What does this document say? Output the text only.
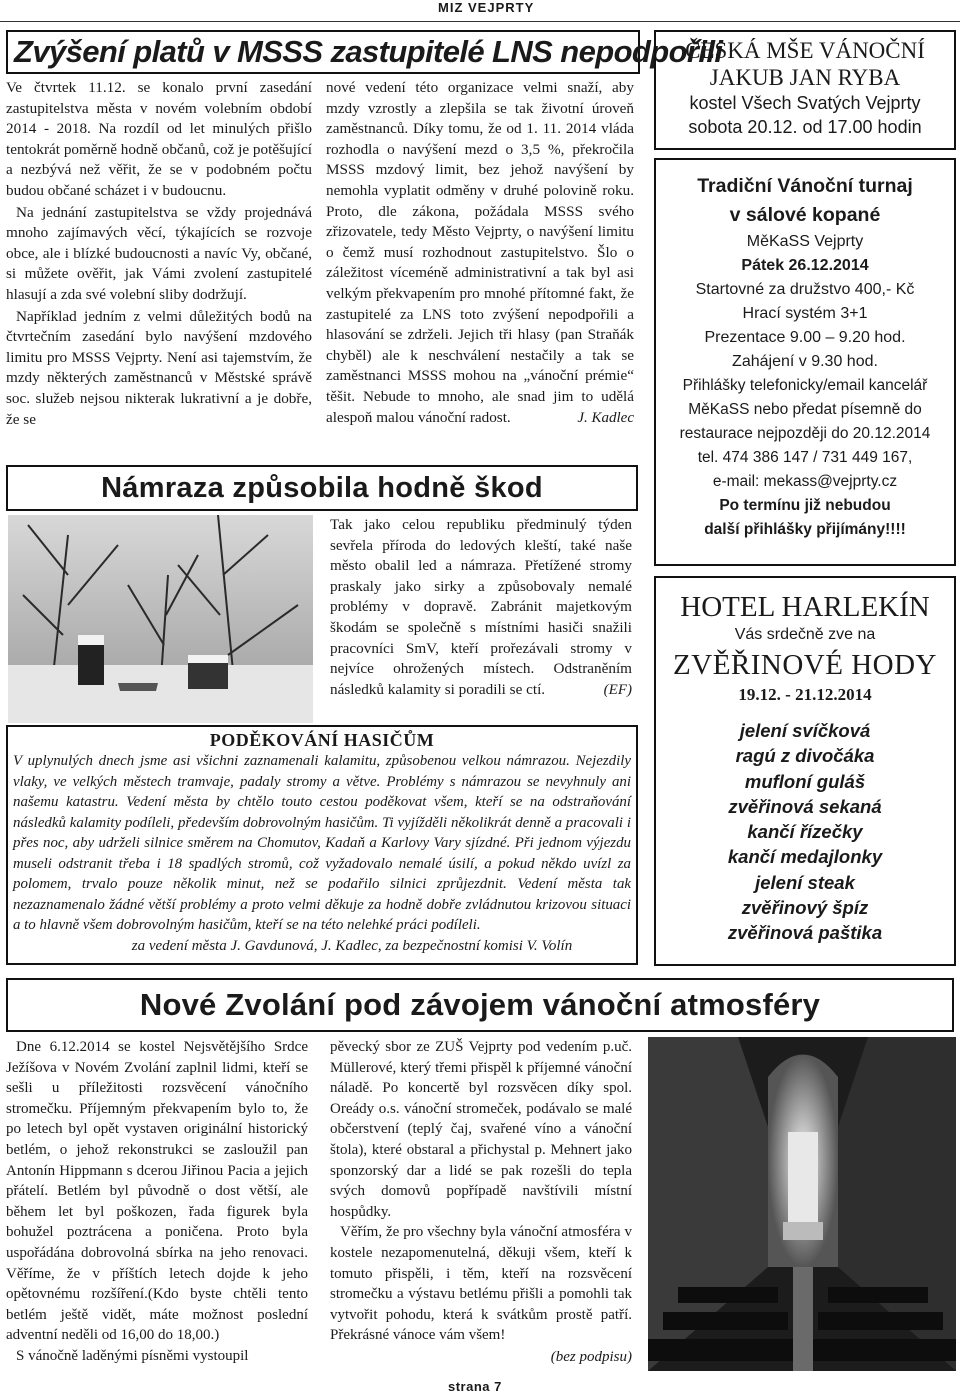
MIZ VEJPRTY
Zvýšení platů v MSSS zastupitelé LNS nepodpořili

Ve čtvrtek 11.12. se konalo první zasedání zastupitelstva města v novém volebním období 2014 - 2018. Na rozdíl od let minulých přišlo tentokrát poměrně hodně občanů, což je potěšující a nezbývá než věřit, že se v podobném počtu budou občané scházet i v budoucnu.

Na jednání zastupitelstva se vždy projednává mnoho zajímavých věcí, týkajících se rozvoje obce, ale i blízké budoucnosti a navíc Vy, občané, si můžete ověřit, jak Vámi zvolení zastupitelé hlasují a zda své volební sliby dodržují.

Například jedním z velmi důležitých bodů na čtvrtečním zasedání bylo navýšení mzdového limitu pro MSSS Vejprty. Není asi tajemstvím, že mzdy některých zaměstnanců v Městské správě soc. služeb nejsou nikterak lukrativní a je dobře, že se

nové vedení této organizace velmi snaží, aby mzdy vzrostly a zlepšila se tak životní úroveň zaměstnanců. Díky tomu, že od 1. 11. 2014 vláda rozhodla o navýšení mezd o 3,5 %, překročila MSSS mzdový limit, bez jehož navýšení by nemohla vyplatit odměny v druhé polovině roku. Proto, dle zákona, požádala MSSS svého zřizovatele, tedy Město Vejprty, o navýšení limitu o čemž musí rozhodnout zastupitelstvo. Šlo o záležitost víceméně administrativní a tak byl asi velkým překvapením pro mnohé přítomné fakt, že zastupitelé za LNS toto zvýšení nepodpořili a hlasování se zdrželi. Jejich tři hlasy (pan Straňák chyběl) ale k neschválení nestačily a tak se zaměstnanci MSSS mohou na „vánoční prémie“ těšit. Nebude to mnoho, ale snad jim to udělá alespoň malou vánoční radost.	J. Kadlec
Námraza způsobila hodně škod

Tak jako celou republiku předminulý týden sevřela příroda do ledových kleští, také naše město obalil led a námraza. Přetížené stromy praskaly jako sirky a způsobovaly nemalé problémy v dopravě. Zabránit majetkovým škodám se společně s místními hasiči snažili pracovníci SmV, kteří prořezávali stromy v nejvíce ohrožených místech. Odstraněním následků kalamity si poradili se ctí.	(EF)
PODĚKOVÁNÍ HASIČŮM

V uplynulých dnech jsme asi všichni zaznamenali kalamitu, způsobenou velkou námrazou. Nejezdily vlaky, ve velkých městech tramvaje, padaly stromy a větve. Problémy s námrazou se nevyhnuly ani našemu katastru. Vedení města by chtělo touto cestou poděkovat všem, kteří se na odstraňování následků kalamity podíleli, především dobrovolným hasičům. Ti vyjížděli několikrát denně a pracovali i přes noc, aby udrželi silnice směrem na Chomutov, Kadaň a Karlovy Vary sjízdné. Při jednom výjezdu museli odstranit třeba i 18 spadlých stromů, což vyžadovalo nemalé úsilí, a pokud někdo uvízl za polomem, trvalo pouze několik minut, než se podařilo silnici zprůjezdnit. Vedení města tak nezaznamenalo žádné větší problémy a proto velmi děkuje za hodně dobře zvládnutou krizovou situaci a to hlavně všem dobrovolným hasičům, kteří se na této nelehké práci podíleli.

za vedení města J. Gavdunová, J. Kadlec, za bezpečnostní komisi V. Volín
ČESKÁ MŠE VÁNOČNÍ
JAKUB JAN RYBA
kostel Všech Svatých Vejprty
sobota 20.12. od 17.00 hodin
Tradiční Vánoční turnaj
v sálové kopané
MěKaSS Vejprty
Pátek 26.12.2014
Startovné za družstvo 400,- Kč
Hrací systém 3+1
Prezentace 9.00 – 9.20 hod.
Zahájení v 9.30 hod.
Přihlášky telefonicky/email kancelář
MěKaSS nebo předat písemně do
restaurace nejpozději do 20.12.2014
tel. 474 386 147 / 731 449 167,
e-mail: mekass@vejprty.cz
Po termínu již nebudou
další přihlášky přijímány!!!!
HOTEL HARLEKÍN
Vás srdečně zve na
ZVĚŘINOVÉ HODY
19.12. - 21.12.2014
jelení svíčková
ragú z divočáka
mufloní guláš
zvěřinová sekaná
kančí řízečky
kančí medajlonky
jelení steak
zvěřinový špíz
zvěřinová paštika
Nové Zvolání pod závojem vánoční atmosféry

Dne 6.12.2014 se kostel Nejsvětějšího Srdce Ježíšova v Novém Zvolání zaplnil lidmi, kteří se sešli u příležitosti rozsvěcení vánočního stromečku. Příjemným překvapením bylo to, že po letech byl opět vystaven originální historický betlém, o jehož rekonstrukci se zasloužil pan Antonín Hippmann s dcerou Jiřinou Pacia a jejich přátelí. Betlém byl původně o dost větší, ale během let byl poškozen, řada figurek byla bohužel poztrácena a poničena. Proto byla uspořádána dobrovolná sbírka na jeho renovaci. Věříme, že v příštích letech dojde k jeho opětovnému rozšíření.(Kdo byste chtěli tento betlém ještě vidět, máte možnost poslední adventní neděli od 16,00 do 18,00.)

S vánočně laděnými písněmi vystoupil

pěvecký sbor ze ZUŠ Vejprty pod vedením p.uč. Müllerové, který třemi přispěl k příjemné vánoční náladě. Po koncertě byl rozsvěcen díky spol. Oreády o.s. vánoční stromeček, podávalo se malé občerstvení (teplý čaj, svařené víno a vánoční štola), které obstaral a přichystal p. Mehnert jako sponzorský dar a lidé se pak rozešli do tepla svých domovů popřípadě navštívili místní hospůdky.

Věřím, že pro všechny byla vánoční atmosféra v kostele nezapomenutelná, děkuji všem, kteří k tomuto přispěli, i těm, kteří na rozsvěcení stromečku a výstavu betlému přišli a pomohli tak vytvořit pohodu, která k svátkům prostě patří. Překrásné vánoce vám všem!

(bez podpisu)
strana 7
